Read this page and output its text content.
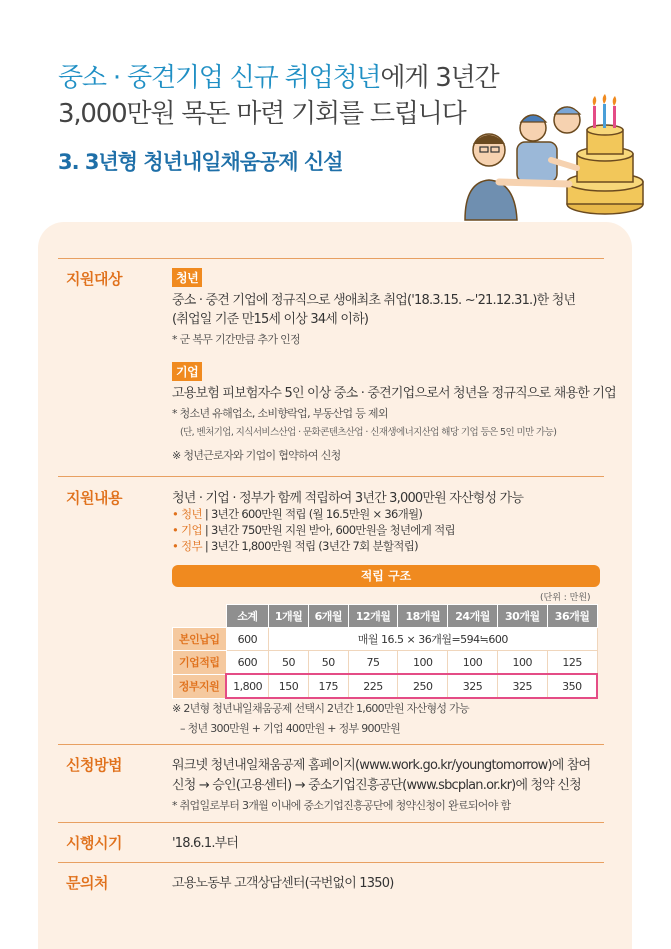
중소 · 중견기업 신규 취업청년에게 3년간
3,000만원 목돈 마련 기회를 드립니다
3. 3년형 청년내일채움공제 신설
지원대상	청년
중소 · 중견 기업에 정규직으로 생애최초 취업('18.3.15. ~'21.12.31.)한 청년
(취업일 기준 만15세 이상 34세 이하)
* 군 복무 기간만큼 추가 인정
기업
고용보험 피보험자수 5인 이상 중소 · 중견기업으로서 청년을 정규직으로 채용한 기업
* 청소년 유해업소, 소비향락업, 부동산업 등 제외
(단, 벤처기업, 지식서비스산업 · 문화콘텐츠산업 · 신재생에너지산업 해당 기업 등은 5인 미만 가능)
※ 청년근로자와 기업이 협약하여 신청
지원내용	청년 · 기업 · 정부가 함께 적립하여 3년간 3,000만원 자산형성 가능
• 청년 | 3년간 600만원 적립 (월 16.5만원 × 36개월)
• 기업 | 3년간 750만원 지원 받아, 600만원을 청년에게 적립
• 정부 | 3년간 1,800만원 적립 (3년간 7회 분할적립)
적립 구조
(단위 : 만원)
	소계	1개월	6개월	12개월	18개월	24개월	30개월	36개월
본인납입	600	매월 16.5 × 36개월=594≒600						
기업적립	600	50	50	75	100	100	100	125
정부지원	1,800	150	175	225	250	325	325	350
※ 2년형 청년내일채움공제 선택시 2년간 1,600만원 자산형성 가능
– 청년 300만원 + 기업 400만원 + 정부 900만원
신청방법	워크넷 청년내일채움공제 홈페이지(www.work.go.kr/youngtomorrow)에 참여
신청 → 승인(고용센터) → 중소기업진흥공단(www.sbcplan.or.kr)에 청약 신청
* 취업일로부터 3개월 이내에 중소기업진흥공단에 청약신청이 완료되어야 함
시행시기	'18.6.1.부터
문의처	고용노동부 고객상담센터(국번없이 1350)
